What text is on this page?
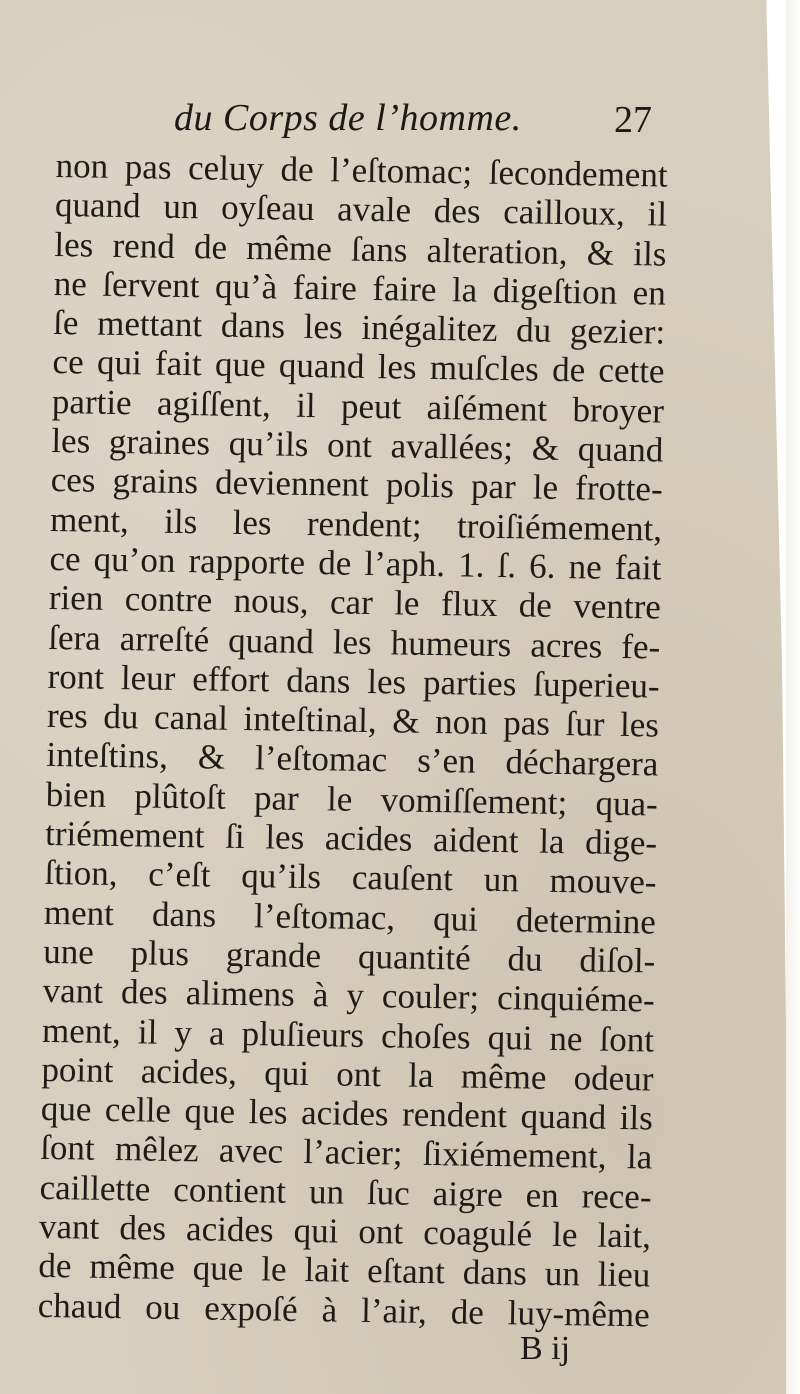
du Corps de l’homme. 27
non pas celuy de l’eſtomac; ſecondement
quand un oyſeau avale des cailloux, il
les rend de même ſans alteration, & ils
ne ſervent qu’à faire faire la digeſtion en
ſe mettant dans les inégalitez du gezier:
ce qui fait que quand les muſcles de cette
partie agiſſent, il peut aiſément broyer
les graines qu’ils ont avallées; & quand
ces grains deviennent polis par le frotte-
ment, ils les rendent; troiſiémement,
ce qu’on rapporte de l’aph. 1. ſ. 6. ne fait
rien contre nous, car le flux de ventre
ſera arreſté quand les humeurs acres fe-
ront leur effort dans les parties ſuperieu-
res du canal inteſtinal, & non pas ſur les
inteſtins, & l’eſtomac s’en déchargera
bien plûtoſt par le vomiſſement; qua-
triémement ſi les acides aident la dige-
ſtion, c’eſt qu’ils cauſent un mouve-
ment dans l’eſtomac, qui determine
une plus grande quantité du diſol-
vant des alimens à y couler; cinquiéme-
ment, il y a pluſieurs choſes qui ne ſont
point acides, qui ont la même odeur
que celle que les acides rendent quand ils
ſont mêlez avec l’acier; ſixiémement, la
caillette contient un ſuc aigre en rece-
vant des acides qui ont coagulé le lait,
de même que le lait eſtant dans un lieu
chaud ou expoſé à l’air, de luy-même
B ij
